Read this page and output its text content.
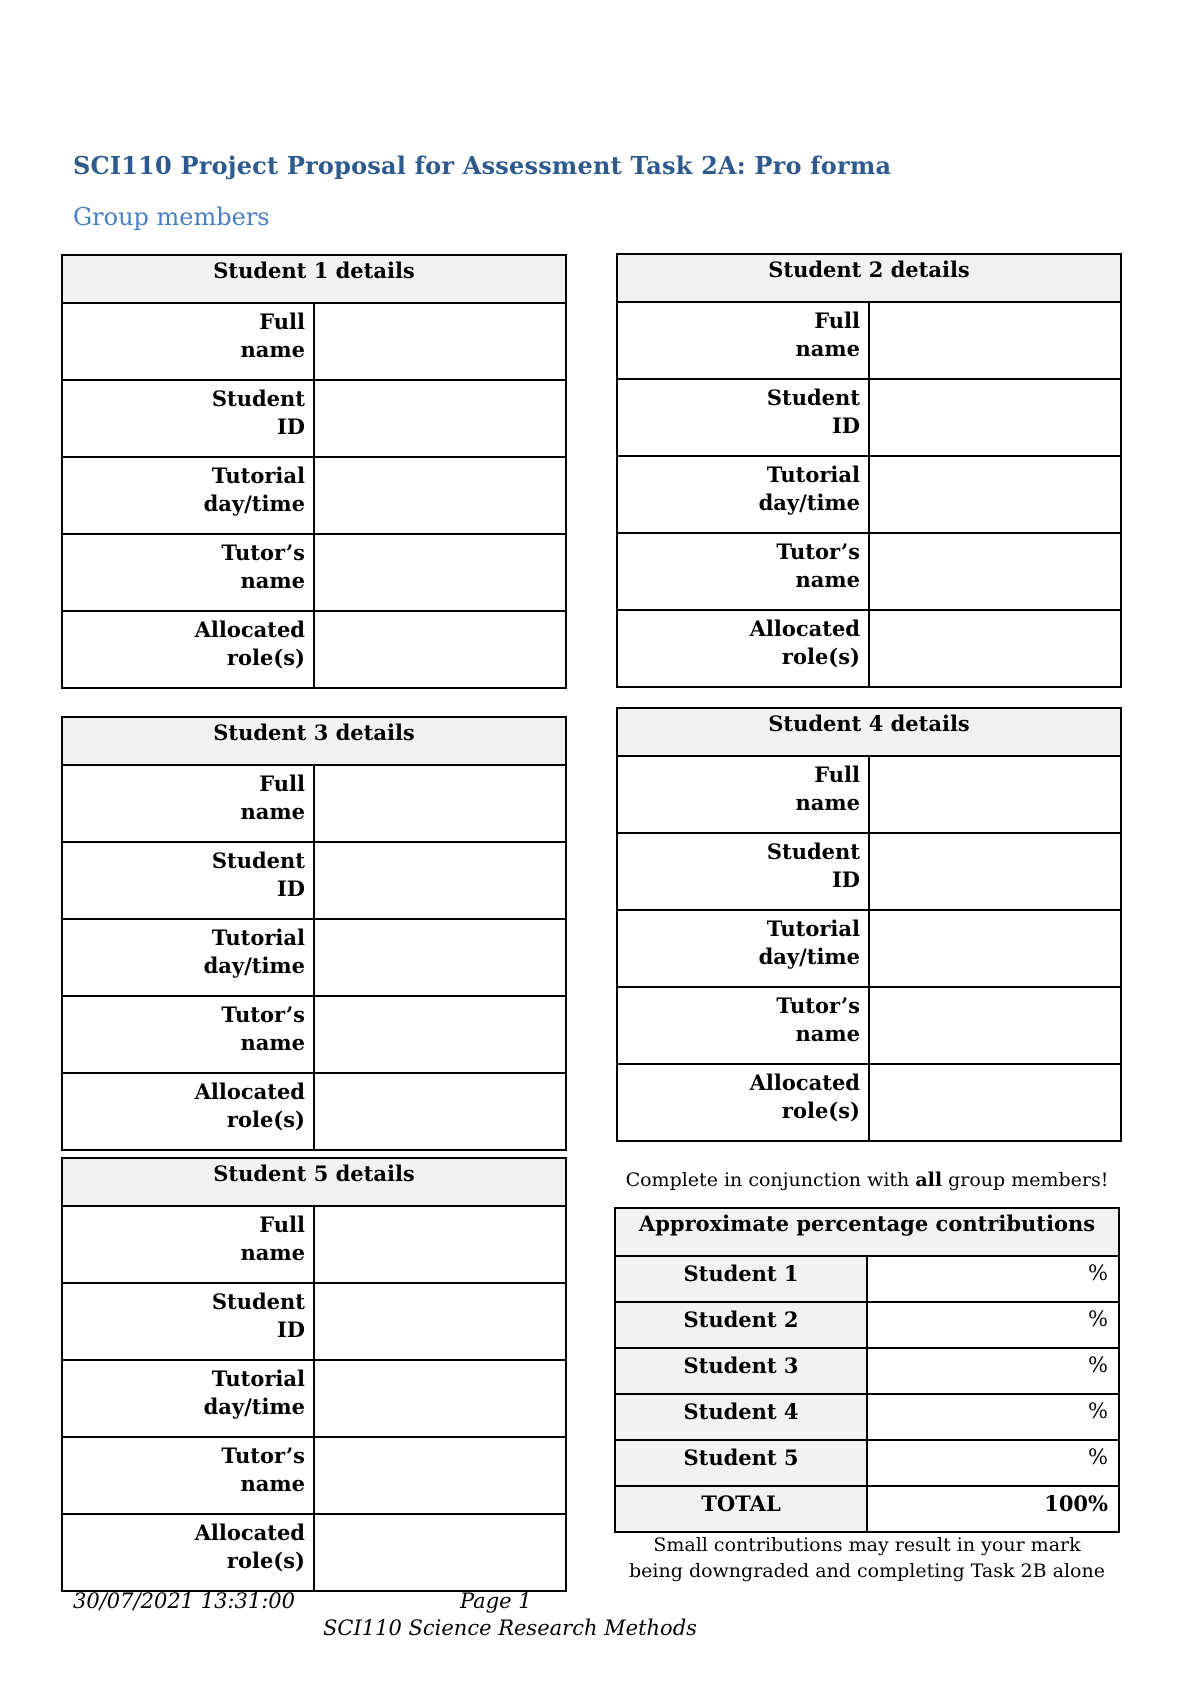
SCI110 Project Proposal for Assessment Task 2A: Pro forma
Group members
Student 1 details	
Full
name	
Student
ID	
Tutorial
day/time	
Tutor’s
name	
Allocated
role(s)	
Student 2 details	
Full
name	
Student
ID	
Tutorial
day/time	
Tutor’s
name	
Allocated
role(s)	
Student 3 details	
Full
name	
Student
ID	
Tutorial
day/time	
Tutor’s
name	
Allocated
role(s)	
Student 4 details	
Full
name	
Student
ID	
Tutorial
day/time	
Tutor’s
name	
Allocated
role(s)	
Student 5 details	
Full
name	
Student
ID	
Tutorial
day/time	
Tutor’s
name	
Allocated
role(s)	
Complete in conjunction with all group members!
Approximate percentage contributions	
Student 1	%
Student 2	%
Student 3	%
Student 4	%
Student 5	%
TOTAL	100%
Small contributions may result in your mark
being downgraded and completing Task 2B alone
30/07/2021 13:31:00	Page 1
SCI110 Science Research Methods
